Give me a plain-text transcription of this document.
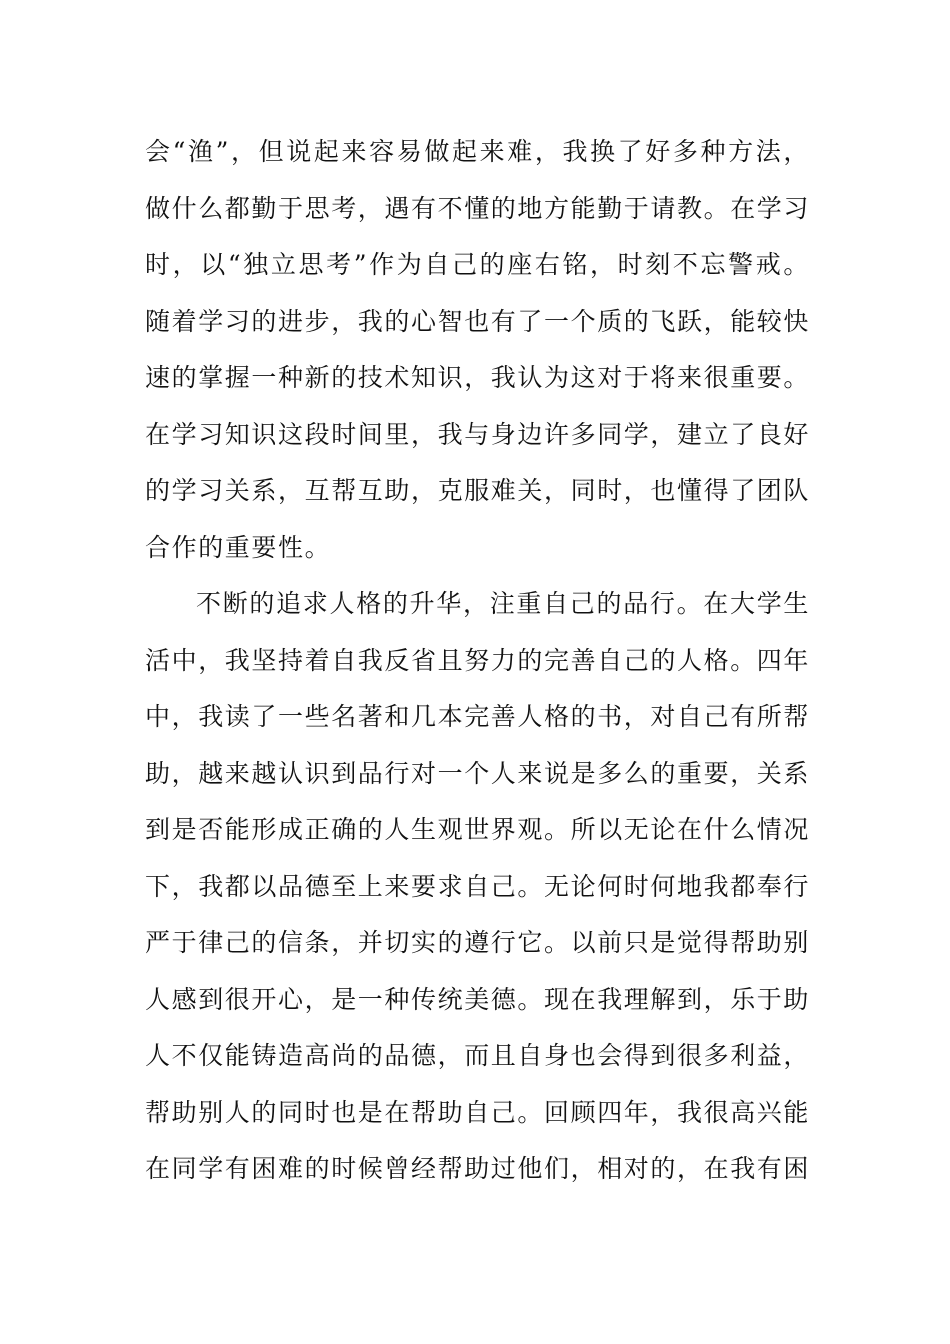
会“渔”，但说起来容易做起来难，我换了好多种方法，
做什么都勤于思考，遇有不懂的地方能勤于请教。在学习
时，以“独立思考”作为自己的座右铭，时刻不忘警戒。
随着学习的进步，我的心智也有了一个质的飞跃，能较快
速的掌握一种新的技术知识，我认为这对于将来很重要。
在学习知识这段时间里，我与身边许多同学，建立了良好
的学习关系，互帮互助，克服难关，同时，也懂得了团队
合作的重要性。
不断的追求人格的升华，注重自己的品行。在大学生
活中，我坚持着自我反省且努力的完善自己的人格。四年
中，我读了一些名著和几本完善人格的书，对自己有所帮
助，越来越认识到品行对一个人来说是多么的重要，关系
到是否能形成正确的人生观世界观。所以无论在什么情况
下，我都以品德至上来要求自己。无论何时何地我都奉行
严于律己的信条，并切实的遵行它。以前只是觉得帮助别
人感到很开心，是一种传统美德。现在我理解到，乐于助
人不仅能铸造高尚的品德，而且自身也会得到很多利益，
帮助别人的同时也是在帮助自己。回顾四年，我很高兴能
在同学有困难的时候曾经帮助过他们，相对的，在我有困
